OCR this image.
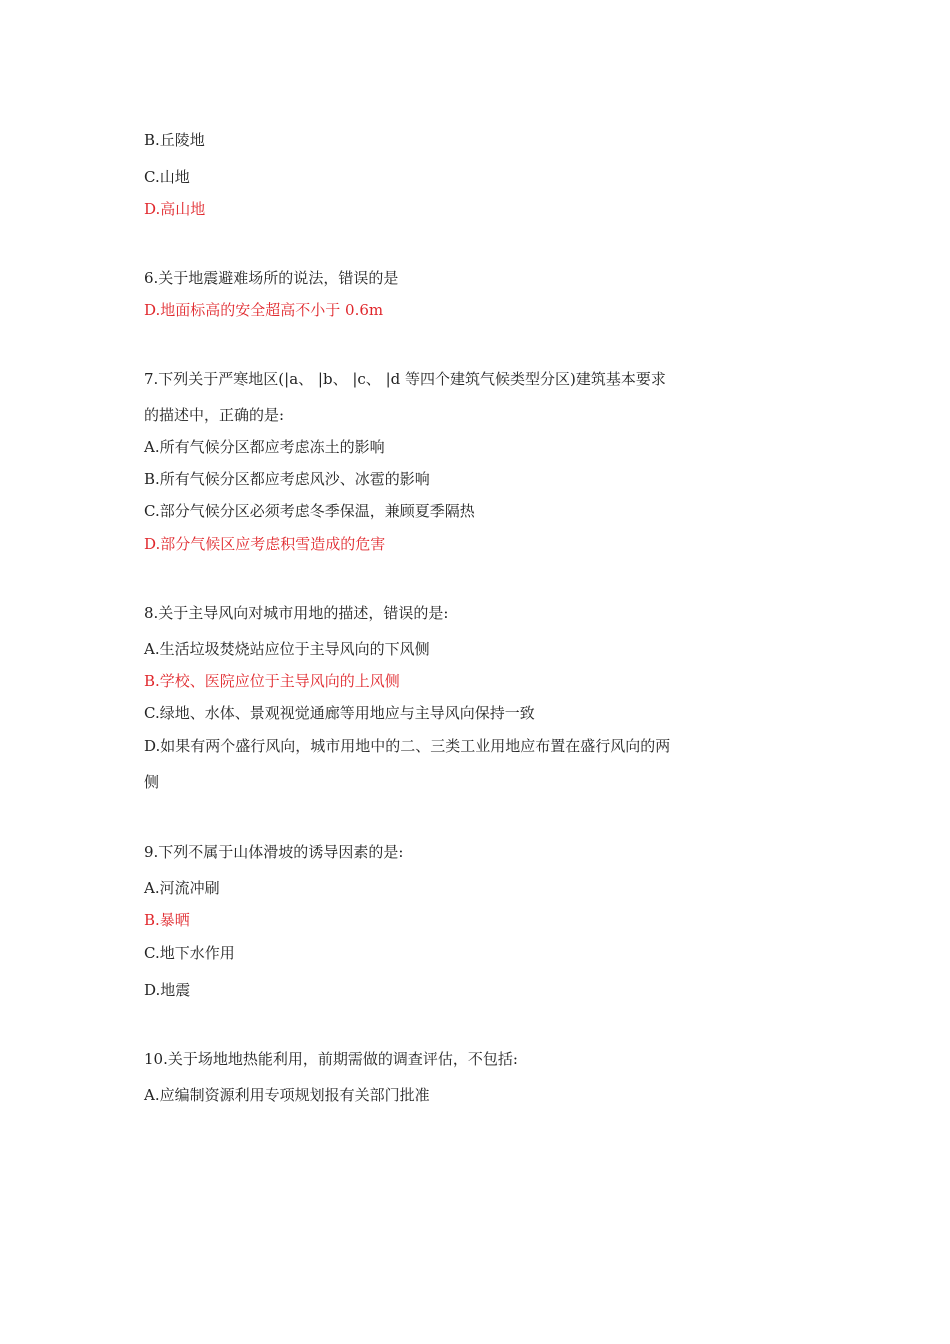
B.丘陵地
C.山地
D.高山地
6.关于地震避难场所的说法，错误的是
D.地面标高的安全超高不小于 0.6m
7.下列关于严寒地区(|a、 |b、 |c、 |d 等四个建筑气候类型分区)建筑基本要求
的描述中，正确的是:
A.所有气候分区都应考虑冻土的影响
B.所有气候分区都应考虑风沙、冰雹的影响
C.部分气候分区必须考虑冬季保温，兼顾夏季隔热
D.部分气候区应考虑积雪造成的危害
8.关于主导风向对城市用地的描述，错误的是:
A.生活垃圾焚烧站应位于主导风向的下风侧
B.学校、医院应位于主导风向的上风侧
C.绿地、水体、景观视觉通廊等用地应与主导风向保持一致
D.如果有两个盛行风向，城市用地中的二、三类工业用地应布置在盛行风向的两
侧
9.下列不属于山体滑坡的诱导因素的是:
A.河流冲刷
B.暴晒
C.地下水作用
D.地震
10.关于场地地热能利用，前期需做的调查评估，不包括:
A.应编制资源利用专项规划报有关部门批准
